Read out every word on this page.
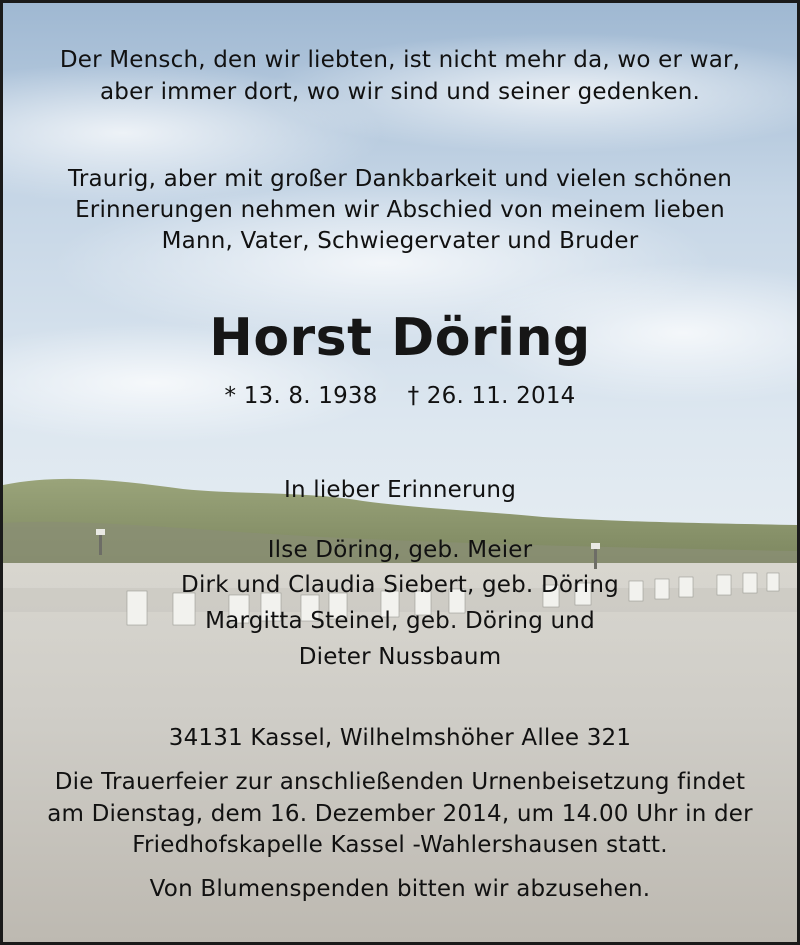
Der Mensch, den wir liebten, ist nicht mehr da, wo er war,
aber immer dort, wo wir sind und seiner gedenken.
Traurig, aber mit großer Dankbarkeit und vielen schönen
Erinnerungen nehmen wir Abschied von meinem lieben
Mann, Vater, Schwiegervater und Bruder
Horst Döring
* 13. 8. 1938 † 26. 11. 2014
In lieber Erinnerung
Ilse Döring, geb. Meier
Dirk und Claudia Siebert, geb. Döring
Margitta Steinel, geb. Döring und
Dieter Nussbaum
34131 Kassel, Wilhelmshöher Allee 321
Die Trauerfeier zur anschließenden Urnenbeisetzung findet
am Dienstag, dem 16. Dezember 2014, um 14.00 Uhr in der
Friedhofskapelle Kassel -Wahlershausen statt.
Von Blumenspenden bitten wir abzusehen.
